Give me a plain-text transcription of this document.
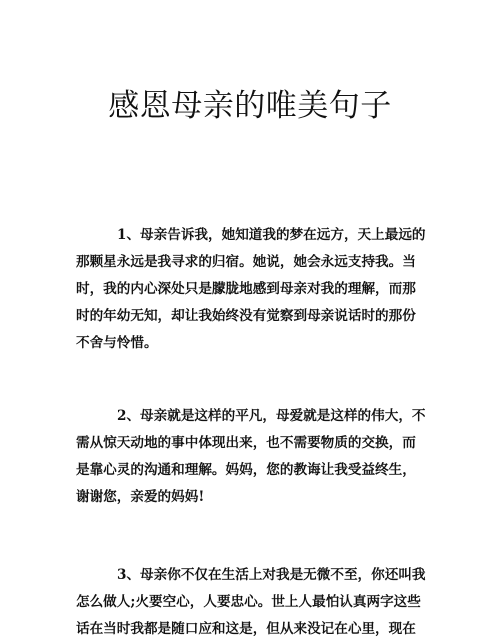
感恩母亲的唯美句子
1、母亲告诉我，她知道我的梦在远方，天上最远的
那颗星永远是我寻求的归宿。她说，她会永远支持我。当
时，我的内心深处只是朦胧地感到母亲对我的理解，而那
时的年幼无知，却让我始终没有觉察到母亲说话时的那份
不舍与怜惜。
2、母亲就是这样的平凡，母爱就是这样的伟大，不
需从惊天动地的事中体现出来，也不需要物质的交换，而
是靠心灵的沟通和理解。妈妈，您的教诲让我受益终生，
谢谢您，亲爱的妈妈!
3、母亲你不仅在生活上对我是无微不至，你还叫我
怎么做人;火要空心，人要忠心。世上人最怕认真两字这些
话在当时我都是随口应和这是，但从来没记在心里，现在
